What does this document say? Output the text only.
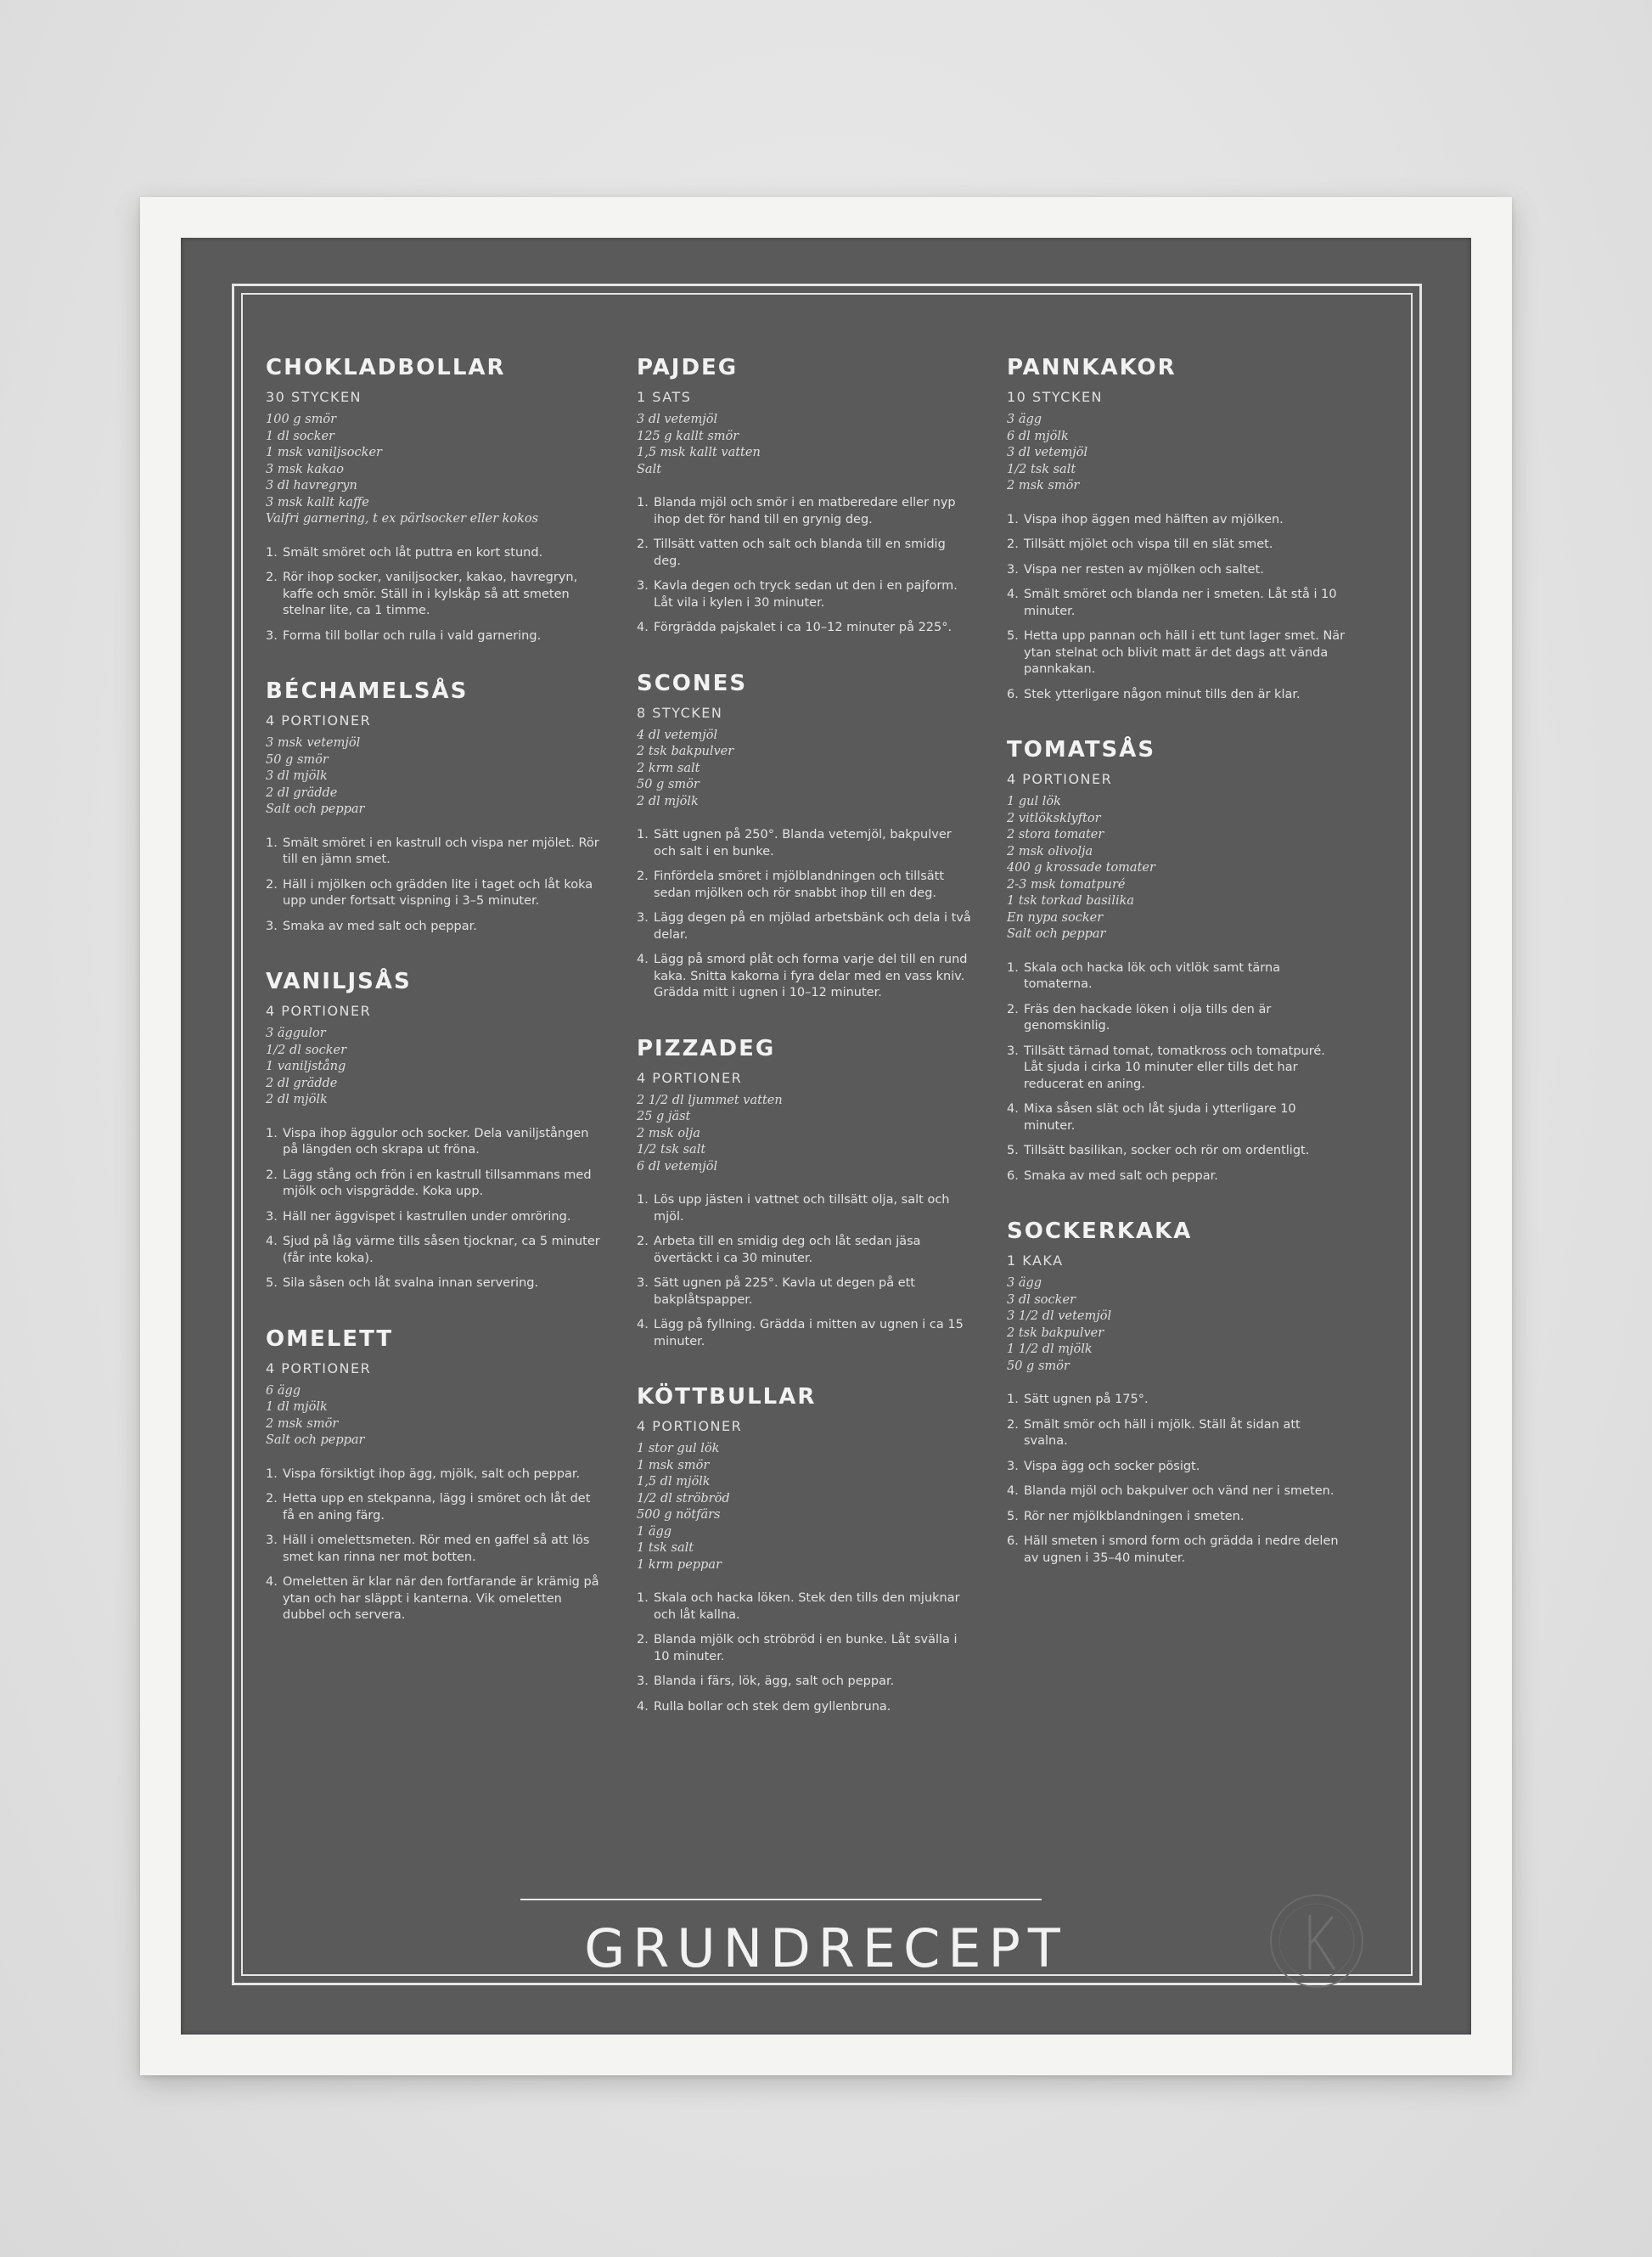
CHOKLADBOLLAR
30 STYCKEN
100 g smör
1 dl socker
1 msk vaniljsocker
3 msk kakao
3 dl havregryn
3 msk kallt kaffe
Valfri garnering, t ex pärlsocker eller kokos
1. Smält smöret och låt puttra en kort stund.
2. Rör ihop socker, vaniljsocker, kakao, havregryn, kaffe och smör. Ställ in i kylskåp så att smeten stelnar lite, ca 1 timme.
3. Forma till bollar och rulla i vald garnering.
BÉCHAMELSÅS
4 PORTIONER
3 msk vetemjöl
50 g smör
3 dl mjölk
2 dl grädde
Salt och peppar
1. Smält smöret i en kastrull och vispa ner mjölet. Rör till en jämn smet.
2. Häll i mjölken och grädden lite i taget och låt koka upp under fortsatt vispning i 3–5 minuter.
3. Smaka av med salt och peppar.
VANILJSÅS
4 PORTIONER
3 äggulor
1/2 dl socker
1 vaniljstång
2 dl grädde
2 dl mjölk
1. Vispa ihop äggulor och socker. Dela vaniljstången på längden och skrapa ut fröna.
2. Lägg stång och frön i en kastrull tillsammans med mjölk och vispgrädde. Koka upp.
3. Häll ner äggvispet i kastrullen under omröring.
4. Sjud på låg värme tills såsen tjocknar, ca 5 minuter (får inte koka).
5. Sila såsen och låt svalna innan servering.
OMELETT
4 PORTIONER
6 ägg
1 dl mjölk
2 msk smör
Salt och peppar
1. Vispa försiktigt ihop ägg, mjölk, salt och peppar.
2. Hetta upp en stekpanna, lägg i smöret och låt det få en aning färg.
3. Häll i omelettsmeten. Rör med en gaffel så att lös smet kan rinna ner mot botten.
4. Omeletten är klar när den fortfarande är krämig på ytan och har släppt i kanterna. Vik omeletten dubbel och servera.
PAJDEG
1 SATS
3 dl vetemjöl
125 g kallt smör
1,5 msk kallt vatten
Salt
1. Blanda mjöl och smör i en matberedare eller nyp ihop det för hand till en grynig deg.
2. Tillsätt vatten och salt och blanda till en smidig deg.
3. Kavla degen och tryck sedan ut den i en pajform. Låt vila i kylen i 30 minuter.
4. Förgrädda pajskalet i ca 10–12 minuter på 225°.
SCONES
8 STYCKEN
4 dl vetemjöl
2 tsk bakpulver
2 krm salt
50 g smör
2 dl mjölk
1. Sätt ugnen på 250°. Blanda vetemjöl, bakpulver och salt i en bunke.
2. Finfördela smöret i mjölblandningen och tillsätt sedan mjölken och rör snabbt ihop till en deg.
3. Lägg degen på en mjölad arbetsbänk och dela i två delar.
4. Lägg på smord plåt och forma varje del till en rund kaka. Snitta kakorna i fyra delar med en vass kniv. Grädda mitt i ugnen i 10–12 minuter.
PIZZADEG
4 PORTIONER
2 1/2 dl ljummet vatten
25 g jäst
2 msk olja
1/2 tsk salt
6 dl vetemjöl
1. Lös upp jästen i vattnet och tillsätt olja, salt och mjöl.
2. Arbeta till en smidig deg och låt sedan jäsa övertäckt i ca 30 minuter.
3. Sätt ugnen på 225°. Kavla ut degen på ett bakplåtspapper.
4. Lägg på fyllning. Grädda i mitten av ugnen i ca 15 minuter.
KÖTTBULLAR
4 PORTIONER
1 stor gul lök
1 msk smör
1,5 dl mjölk
1/2 dl ströbröd
500 g nötfärs
1 ägg
1 tsk salt
1 krm peppar
1. Skala och hacka löken. Stek den tills den mjuknar och låt kallna.
2. Blanda mjölk och ströbröd i en bunke. Låt svälla i 10 minuter.
3. Blanda i färs, lök, ägg, salt och peppar.
4. Rulla bollar och stek dem gyllenbruna.
PANNKAKOR
10 STYCKEN
3 ägg
6 dl mjölk
3 dl vetemjöl
1/2 tsk salt
2 msk smör
1. Vispa ihop äggen med hälften av mjölken.
2. Tillsätt mjölet och vispa till en slät smet.
3. Vispa ner resten av mjölken och saltet.
4. Smält smöret och blanda ner i smeten. Låt stå i 10 minuter.
5. Hetta upp pannan och häll i ett tunt lager smet. När ytan stelnat och blivit matt är det dags att vända pannkakan.
6. Stek ytterligare någon minut tills den är klar.
TOMATSÅS
4 PORTIONER
1 gul lök
2 vitlöksklyftor
2 stora tomater
2 msk olivolja
400 g krossade tomater
2-3 msk tomatpuré
1 tsk torkad basilika
En nypa socker
Salt och peppar
1. Skala och hacka lök och vitlök samt tärna tomaterna.
2. Fräs den hackade löken i olja tills den är genomskinlig.
3. Tillsätt tärnad tomat, tomatkross och tomatpuré. Låt sjuda i cirka 10 minuter eller tills det har reducerat en aning.
4. Mixa såsen slät och låt sjuda i ytterligare 10 minuter.
5. Tillsätt basilikan, socker och rör om ordentligt.
6. Smaka av med salt och peppar.
SOCKERKAKA
1 KAKA
3 ägg
3 dl socker
3 1/2 dl vetemjöl
2 tsk bakpulver
1 1/2 dl mjölk
50 g smör
1. Sätt ugnen på 175°.
2. Smält smör och häll i mjölk. Ställ åt sidan att svalna.
3. Vispa ägg och socker pösigt.
4. Blanda mjöl och bakpulver och vänd ner i smeten.
5. Rör ner mjölkblandningen i smeten.
6. Häll smeten i smord form och grädda i nedre delen av ugnen i 35–40 minuter.
GRUNDRECEPT
